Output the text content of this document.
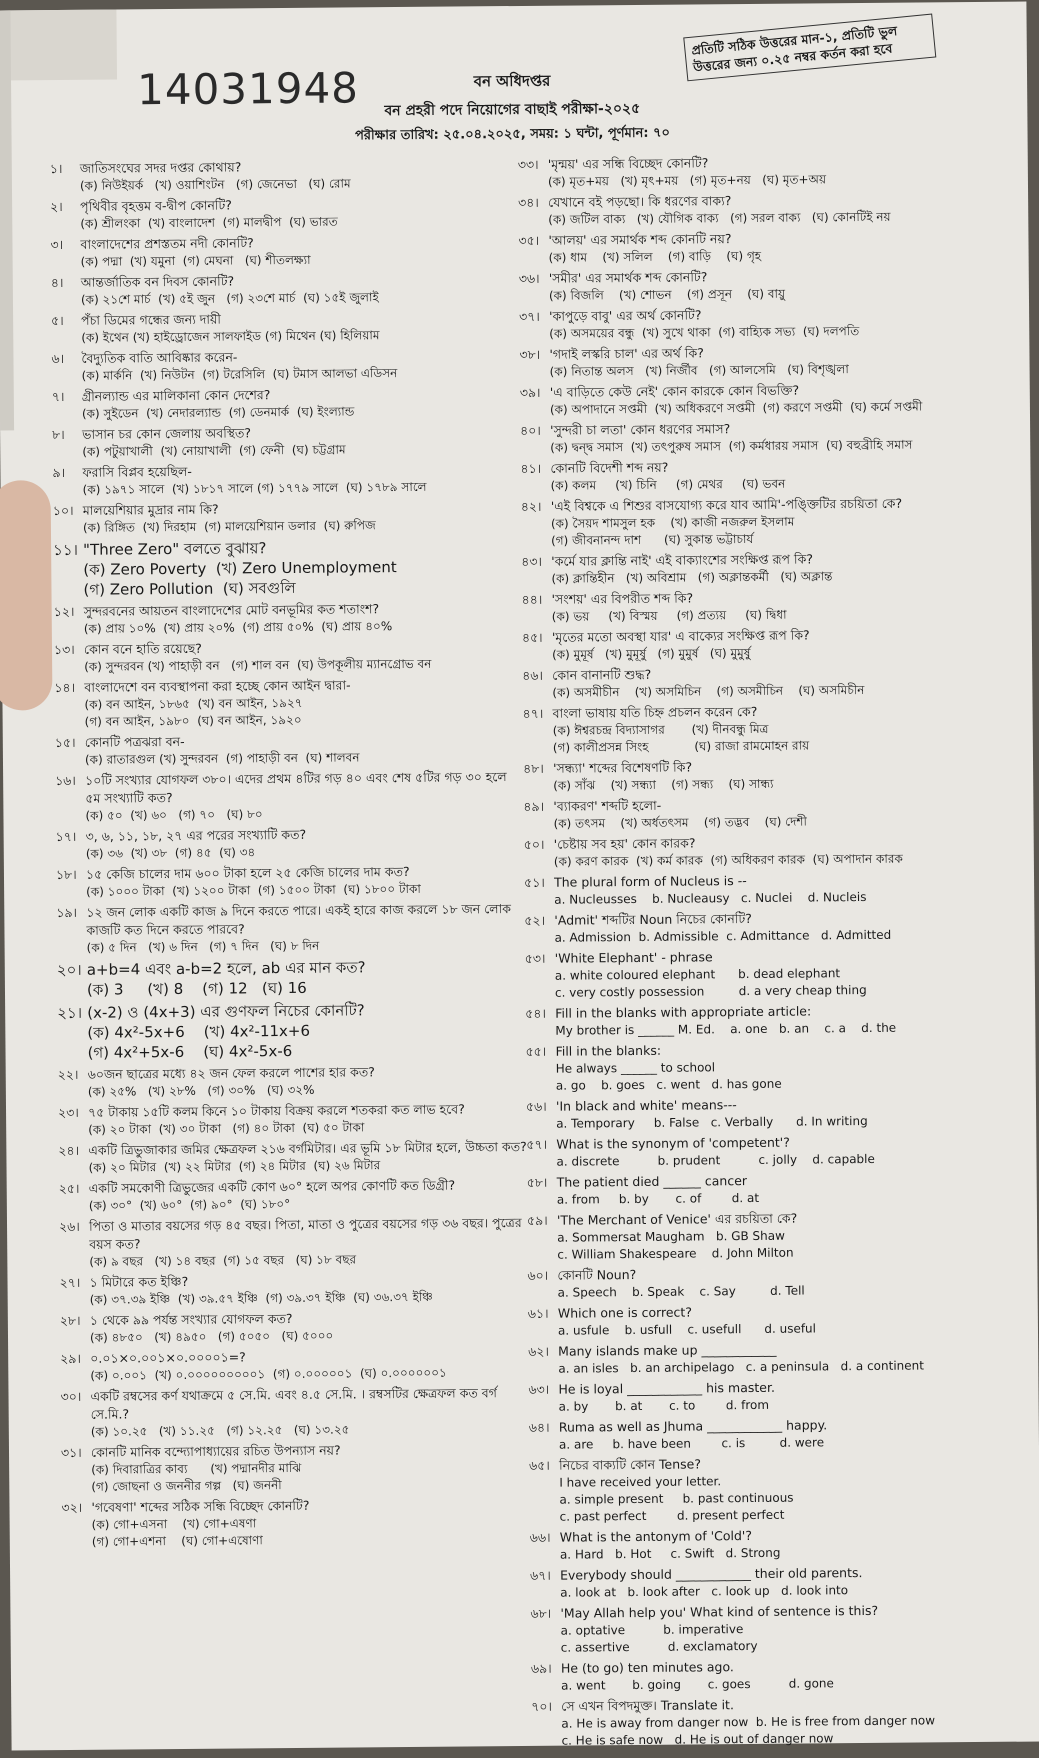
14031948
প্রতিটি সঠিক উত্তরের মান-১, প্রতিটি ভুল উত্তরের জন্য ০.২৫ নম্বর কর্তন করা হবে
বন অধিদপ্তর
বন প্রহরী পদে নিয়োগের বাছাই পরীক্ষা-২০২৫
পরীক্ষার তারিখ: ২৫.০৪.২০২৫, সময়: ১ ঘন্টা, পূর্ণমান: ৭০
১।	জাতিসংঘের সদর দপ্তর কোথায়?
(ক) নিউইয়র্ক   (খ) ওয়াশিংটন   (গ) জেনেভা   (ঘ) রোম
২।	পৃথিবীর বৃহত্তম ব-দ্বীপ কোনটি?
(ক) শ্রীলংকা  (খ) বাংলাদেশ  (গ) মালদ্বীপ  (ঘ) ভারত
৩।	বাংলাদেশের প্রশস্ততম নদী কোনটি?
(ক) পদ্মা  (খ) যমুনা  (গ) মেঘনা   (ঘ) শীতলক্ষ্যা
৪।	আন্তর্জাতিক বন দিবস কোনটি?
(ক) ২১শে মার্চ  (খ) ৫ই জুন   (গ) ২৩শে মার্চ  (ঘ) ১৫ই জুলাই
৫।	পঁচা ডিমের গন্ধের জন্য দায়ী
(ক) ইথেন (খ) হাইড্রোজেন সালফাইড (গ) মিথেন (ঘ) হিলিয়াম
৬।	বৈদ্যুতিক বাতি আবিষ্কার করেন-
(ক) মার্কনি  (খ) নিউটন  (গ) টরেসিলি  (ঘ) টমাস আলভা এডিসন
৭।	গ্রীনল্যান্ড এর মালিকানা কোন দেশের?
(ক) সুইডেন  (খ) নেদারল্যান্ড  (গ) ডেনমার্ক  (ঘ) ইংল্যান্ড
৮।	ভাসান চর কোন জেলায় অবস্থিত?
(ক) পটুয়াখালী  (খ) নোয়াখালী  (গ) ফেনী  (ঘ) চট্টগ্রাম
৯।	ফরাসি বিপ্লব হয়েছিল-
(ক) ১৯৭১ সালে  (খ) ১৮১৭ সালে (গ) ১৭৭৯ সালে  (ঘ) ১৭৮৯ সালে
১০। মালয়েশিয়ার মুদ্রার নাম কি?
(ক) রিঙ্গিত  (খ) দিরহাম  (গ) মালয়েশিয়ান ডলার  (ঘ) রুপিজ
১১। "Three Zero" বলতে বুঝায়?
(ক) Zero Poverty  (খ) Zero Unemployment
(গ) Zero Pollution  (ঘ) সবগুলি
১২। সুন্দরবনের আয়তন বাংলাদেশের মোট বনভূমির কত শতাংশ?
(ক) প্রায় ১০%  (খ) প্রায় ২০%  (গ) প্রায় ৫০%  (ঘ) প্রায় ৪০%
১৩। কোন বনে হাতি রয়েছে?
(ক) সুন্দরবন (খ) পাহাড়ী বন   (গ) শাল বন  (ঘ) উপকূলীয় ম্যানগ্রোভ বন
১৪। বাংলাদেশে বন ব্যবস্থাপনা করা হচ্ছে কোন আইন দ্বারা-
(ক) বন আইন, ১৮৬৫  (খ) বন আইন, ১৯২৭
(গ) বন আইন, ১৯৮০  (ঘ) বন আইন, ১৯২০
১৫। কোনটি পত্রঝরা বন-
(ক) রাতারগুল (খ) সুন্দরবন  (গ) পাহাড়ী বন  (ঘ) শালবন
১৬। ১০টি সংখ্যার যোগফল ৩৮০। এদের প্রথম ৪টির গড় ৪০ এবং শেষ ৫টির গড় ৩০ হলে ৫ম সংখ্যাটি কত?
(ক) ৫০  (খ) ৬০   (গ) ৭০   (ঘ) ৮০
১৭। ৩, ৬, ১১, ১৮, ২৭ এর পরের সংখ্যাটি কত?
(ক) ৩৬  (খ) ৩৮  (গ) ৪৫  (ঘ) ৩৪
১৮। ১৫ কেজি চালের দাম ৬০০ টাকা হলে ২৫ কেজি চালের দাম কত?
(ক) ১০০০ টাকা  (খ) ১২০০ টাকা  (গ) ১৫০০ টাকা  (ঘ) ১৮০০ টাকা
১৯। ১২ জন লোক একটি কাজ ৯ দিনে করতে পারে। একই হারে কাজ করলে ১৮ জন লোক কাজটি কত দিনে করতে পারবে?
(ক) ৫ দিন   (খ) ৬ দিন   (গ) ৭ দিন   (ঘ) ৮ দিন
২০। a+b=4 এবং a-b=2 হলে, ab এর মান কত?
(ক) 3     (খ) 8    (গ) 12   (ঘ) 16
২১। (x-2) ও (4x+3) এর গুণফল নিচের কোনটি?
(ক) 4x²-5x+6    (খ) 4x²-11x+6
(গ) 4x²+5x-6    (ঘ) 4x²-5x-6
২২। ৬০জন ছাত্রের মধ্যে ৪২ জন ফেল করলে পাশের হার কত?
(ক) ২৫%   (খ) ২৮%   (গ) ৩০%   (ঘ) ৩২%
২৩। ৭৫ টাকায় ১৫টি কলম কিনে ১০ টাকায় বিক্রয় করলে শতকরা কত লাভ হবে?
(ক) ২০ টাকা  (খ) ৩০ টাকা   (গ) ৪০ টাকা  (ঘ) ৫০ টাকা
২৪। একটি ত্রিভুজাকার জমির ক্ষেত্রফল ২১৬ বর্গমিটার। এর ভূমি ১৮ মিটার হলে, উচ্চতা কত?
(ক) ২০ মিটার  (খ) ২২ মিটার  (গ) ২৪ মিটার  (ঘ) ২৬ মিটার
২৫। একটি সমকোণী ত্রিভুজের একটি কোণ ৬০° হলে অপর কোণটি কত ডিগ্রী?
(ক) ৩০°  (খ) ৬০°  (গ) ৯০°  (ঘ) ১৮০°
২৬। পিতা ও মাতার বয়সের গড় ৪৫ বছর। পিতা, মাতা ও পুত্রের বয়সের গড় ৩৬ বছর। পুত্রের বয়স কত?
(ক) ৯ বছর   (খ) ১৪ বছর  (গ) ১৫ বছর   (ঘ) ১৮ বছর
২৭। ১ মিটারে কত ইঞ্চি?
(ক) ৩৭.৩৯ ইঞ্চি  (খ) ৩৯.৫৭ ইঞ্চি  (গ) ৩৯.৩৭ ইঞ্চি  (ঘ) ৩৬.৩৭ ইঞ্চি
২৮। ১ থেকে ৯৯ পর্যন্ত সংখ্যার যোগফল কত?
(ক) ৪৮৫০   (খ) ৪৯৫০   (গ) ৫০৫০   (ঘ) ৫০০০
২৯। ০.০১×০.০০১×০.০০০০১=?
(ক) ০.০০১  (খ) ০.০০০০০০০০০১  (গ) ০.০০০০০১  (ঘ) ০.০০০০০০১
৩০। একটি রম্বসের কর্ণ যথাক্রমে ৫ সে.মি. এবং ৪.৫ সে.মি. । রম্বসটির ক্ষেত্রফল কত বর্গ সে.মি.?
(ক) ১০.২৫   (খ) ১১.২৫   (গ) ১২.২৫   (ঘ) ১৩.২৫
৩১। কোনটি মানিক বন্দ্যোপাধ্যায়ের রচিত উপন্যাস নয়?
(ক) দিবারাত্রির কাব্য      (খ) পদ্মানদীর মাঝি
(গ) জোছনা ও জননীর গল্প   (ঘ) জননী
৩২। 'গবেষণা' শব্দের সঠিক সন্ধি বিচ্ছেদ কোনটি?
(ক) গো+এসনা    (খ) গো+এষণা
(গ) গো+এশনা    (ঘ) গো+এষোণা
৩৩। 'মৃন্ময়' এর সন্ধি বিচ্ছেদ কোনটি?
(ক) মৃত+ময়   (খ) মৃৎ+ময়   (গ) মৃত+নয়   (ঘ) মৃত+অয়
৩৪। যেখানে বই পড়ছো। কি ধরণের বাক্য?
(ক) জটিল বাক্য   (খ) যৌগিক বাক্য   (গ) সরল বাক্য   (ঘ) কোনটিই নয়
৩৫। 'আলয়' এর সমার্থক শব্দ কোনটি নয়?
(ক) ধাম    (খ) সলিল    (গ) বাড়ি    (ঘ) গৃহ
৩৬। 'সমীর' এর সমার্থক শব্দ কোনটি?
(ক) বিজলি    (খ) শোভন    (গ) প্রসূন    (ঘ) বায়ু
৩৭। 'কাপুড়ে বাবু' এর অর্থ কোনটি?
(ক) অসময়ের বন্ধু  (খ) সুখে থাকা  (গ) বাহ্যিক সভ্য  (ঘ) দলপতি
৩৮। 'গদাই লস্করি চাল' এর অর্থ কি?
(ক) নিতান্ত অলস   (খ) নির্জীব   (গ) আলসেমি   (ঘ) বিশৃঙ্খলা
৩৯। 'এ বাড়িতে কেউ নেই' কোন কারকে কোন বিভক্তি?
(ক) অপাদানে সপ্তমী  (খ) অধিকরণে সপ্তমী  (গ) করণে সপ্তমী  (ঘ) কর্মে সপ্তমী
৪০। 'সুন্দরী চা লতা' কোন ধরণের সমাস?
(ক) দ্বন্দ্ব সমাস  (খ) তৎপুরুষ সমাস  (গ) কর্মধারয় সমাস  (ঘ) বহুব্রীহি সমাস
৪১। কোনটি বিদেশী শব্দ নয়?
(ক) কলম     (খ) চিনি     (গ) মেথর     (ঘ) ভবন
৪২। 'এই বিশ্বকে এ শিশুর বাসযোগ্য করে যাব আমি'-পঙ্ক্তিটির রচয়িতা কে?
(ক) সৈয়দ শামসুল হক    (খ) কাজী নজরুল ইসলাম
(গ) জীবনানন্দ দাশ      (ঘ) সুকান্ত ভট্টাচার্য
৪৩। 'কর্মে যার ক্লান্তি নাই' এই বাক্যাংশের সংক্ষিপ্ত রূপ কি?
(ক) ক্লান্তিহীন   (খ) অবিশ্রাম   (গ) অক্লান্তকর্মী   (ঘ) অক্লান্ত
৪৪। 'সংশয়' এর বিপরীত শব্দ কি?
(ক) ভয়     (খ) বিস্ময়     (গ) প্রত্যয়     (ঘ) দ্বিধা
৪৫। 'মৃতের মতো অবস্থা যার' এ বাক্যের সংক্ষিপ্ত রূপ কি?
(ক) মুমূর্ষ   (খ) মুমূর্ষু   (গ) মুমুর্ষ   (ঘ) মুমুর্ষু
৪৬। কোন বানানটি শুদ্ধ?
(ক) অসমীচীন    (খ) অসমিচিন    (গ) অসমীচিন    (ঘ) অসমিচীন
৪৭। বাংলা ভাষায় যতি চিহ্ন প্রচলন করেন কে?
(ক) ঈশ্বরচন্দ্র বিদ্যাসাগর       (খ) দীনবন্ধু মিত্র
(গ) কালীপ্রসন্ন সিংহ            (ঘ) রাজা রামমোহন রায়
৪৮। 'সন্ধ্যা' শব্দের বিশেষণটি কি?
(ক) সাঁঝ    (খ) সন্ধ্যা    (গ) সন্ধ্য    (ঘ) সান্ধ্য
৪৯। 'ব্যাকরণ' শব্দটি হলো-
(ক) তৎসম    (খ) অর্ধতৎসম    (গ) তদ্ভব    (ঘ) দেশী
৫০। 'চেষ্টায় সব হয়' কোন কারক?
(ক) করণ কারক  (খ) কর্ম কারক  (গ) অধিকরণ কারক  (ঘ) অপাদান কারক
৫১। The plural form of Nucleus is --
a. Nucleusses    b. Nucleausy   c. Nuclei    d. Nucleis
৫২। 'Admit' শব্দটির Noun নিচের কোনটি?
a. Admission  b. Admissible  c. Admittance   d. Admitted
৫৩। 'White Elephant' - phrase
a. white coloured elephant      b. dead elephant
c. very costly possession         d. a very cheap thing
৫৪। Fill in the blanks with appropriate article:
My brother is ______ M. Ed.    a. one   b. an    c. a    d. the
৫৫। Fill in the blanks:
He always ______ to school
a. go    b. goes   c. went   d. has gone
৫৬। 'In black and white' means---
a. Temporary     b. False   c. Verbally      d. In writing
৫৭। What is the synonym of 'competent'?
a. discrete          b. prudent          c. jolly    d. capable
৫৮। The patient died ______ cancer
a. from     b. by       c. of        d. at
৫৯। 'The Merchant of Venice' এর রচয়িতা কে?
a. Sommersat Maugham   b. GB Shaw
c. William Shakespeare    d. John Milton
৬০। কোনটি Noun?
a. Speech    b. Speak    c. Say         d. Tell
৬১। Which one is correct?
a. usfule    b. usfull    c. usefull      d. useful
৬২। Many islands make up ____________
a. an isles   b. an archipelago   c. a peninsula   d. a continent
৬৩। He is loyal ____________ his master.
a. by       b. at       c. to        d. from
৬৪। Ruma as well as Jhuma ____________ happy.
a. are     b. have been        c. is         d. were
৬৫। নিচের বাক্যটি কোন Tense?
I have received your letter.
a. simple present     b. past continuous
c. past perfect        d. present perfect
৬৬। What is the antonym of 'Cold'?
a. Hard   b. Hot     c. Swift   d. Strong
৬৭। Everybody should ____________ their old parents.
a. look at   b. look after   c. look up   d. look into
৬৮। 'May Allah help you' What kind of sentence is this?
a. optative          b. imperative
c. assertive          d. exclamatory
৬৯। He (to go) ten minutes ago.
a. went       b. going       c. goes          d. gone
৭০। সে এখন বিপদমুক্ত। Translate it.
a. He is away from danger now  b. He is free from danger now
c. He is safe now   d. He is out of danger now
